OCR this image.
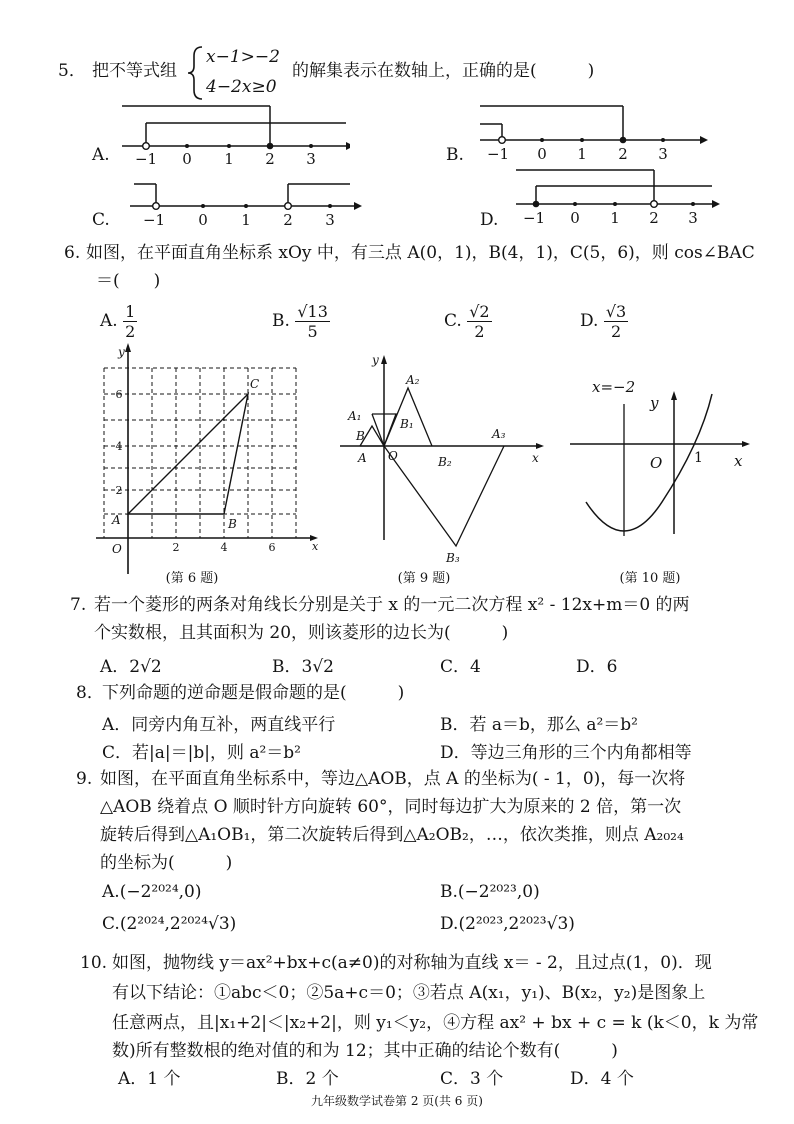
5． 把不等式组
x−1>−2
4−2x≥0
的解集表示在数轴上，正确的是(　　　)
A. −1 0 1 2 3	B. −1 0 1 2 3
C. −1 0 1 2 3	D. −1 0 1 2 3
6. 如图，在平面直角坐标系 xOy 中，有三点 A(0，1)，B(4，1)，C(5，6)，则 cos∠BAC
＝(　　)
A. $\frac{1}{2}$	B. $\frac{√13}{5}$	C. $\frac{√2}{2}$	D. $\frac{√3}{2}$
y
x
O	2	4	6
2
4
6
A	B
C
(第 6 题)
A₂
A₁
B
B₁
A	B₂
A₃
B₃
O
y
x
(第 9 题)
x=−2
y
x
O 1
(第 10 题)
7. 若一个菱形的两条对角线长分别是关于 x 的一元二次方程 x² - 12x+m＝0 的两
个实数根，且其面积为 20，则该菱形的边长为(　　　)
A．2√2	B．3√2	C．4	D．6
8．
下列命题的逆命题是假命题的是(　　　)
A．同旁内角互补，两直线平行	B．若 a＝b，那么 a²＝b²
C．若|a|＝|b|，则 a²＝b²	D．等边三角形的三个内角都相等
9. 如图，在平面直角坐标系中，等边△AOB，点 A 的坐标为( - 1，0)，每一次将
△AOB 绕着点 O 顺时针方向旋转 60°，同时每边扩大为原来的 2 倍，第一次
旋转后得到△A₁OB₁，第二次旋转后得到△A₂OB₂，…，依次类推，则点 A₂₀₂₄
的坐标为(　　　)
A.(−2²⁰²⁴,0)	B.(−2²⁰²³,0)
C.(2²⁰²⁴,2²⁰²⁴√3)	D.(2²⁰²³,2²⁰²³√3)
10. 如图，抛物线 y＝ax²+bx+c(a≠0)的对称轴为直线 x＝ - 2，且过点(1，0)．现
有以下结论：①abc＜0；②5a+c＝0；③若点 A(x₁，y₁)、B(x₂，y₂)是图象上
任意两点，且|x₁+2|＜|x₂+2|，则 y₁＜y₂，④方程 ax² + bx + c = k (k＜0，k 为常
数)所有整数根的绝对值的和为 12；其中正确的结论个数有(　　　)
A．1 个	B．2 个	C．3 个	D．4 个
九年级数学试卷第 2 页(共 6 页)
